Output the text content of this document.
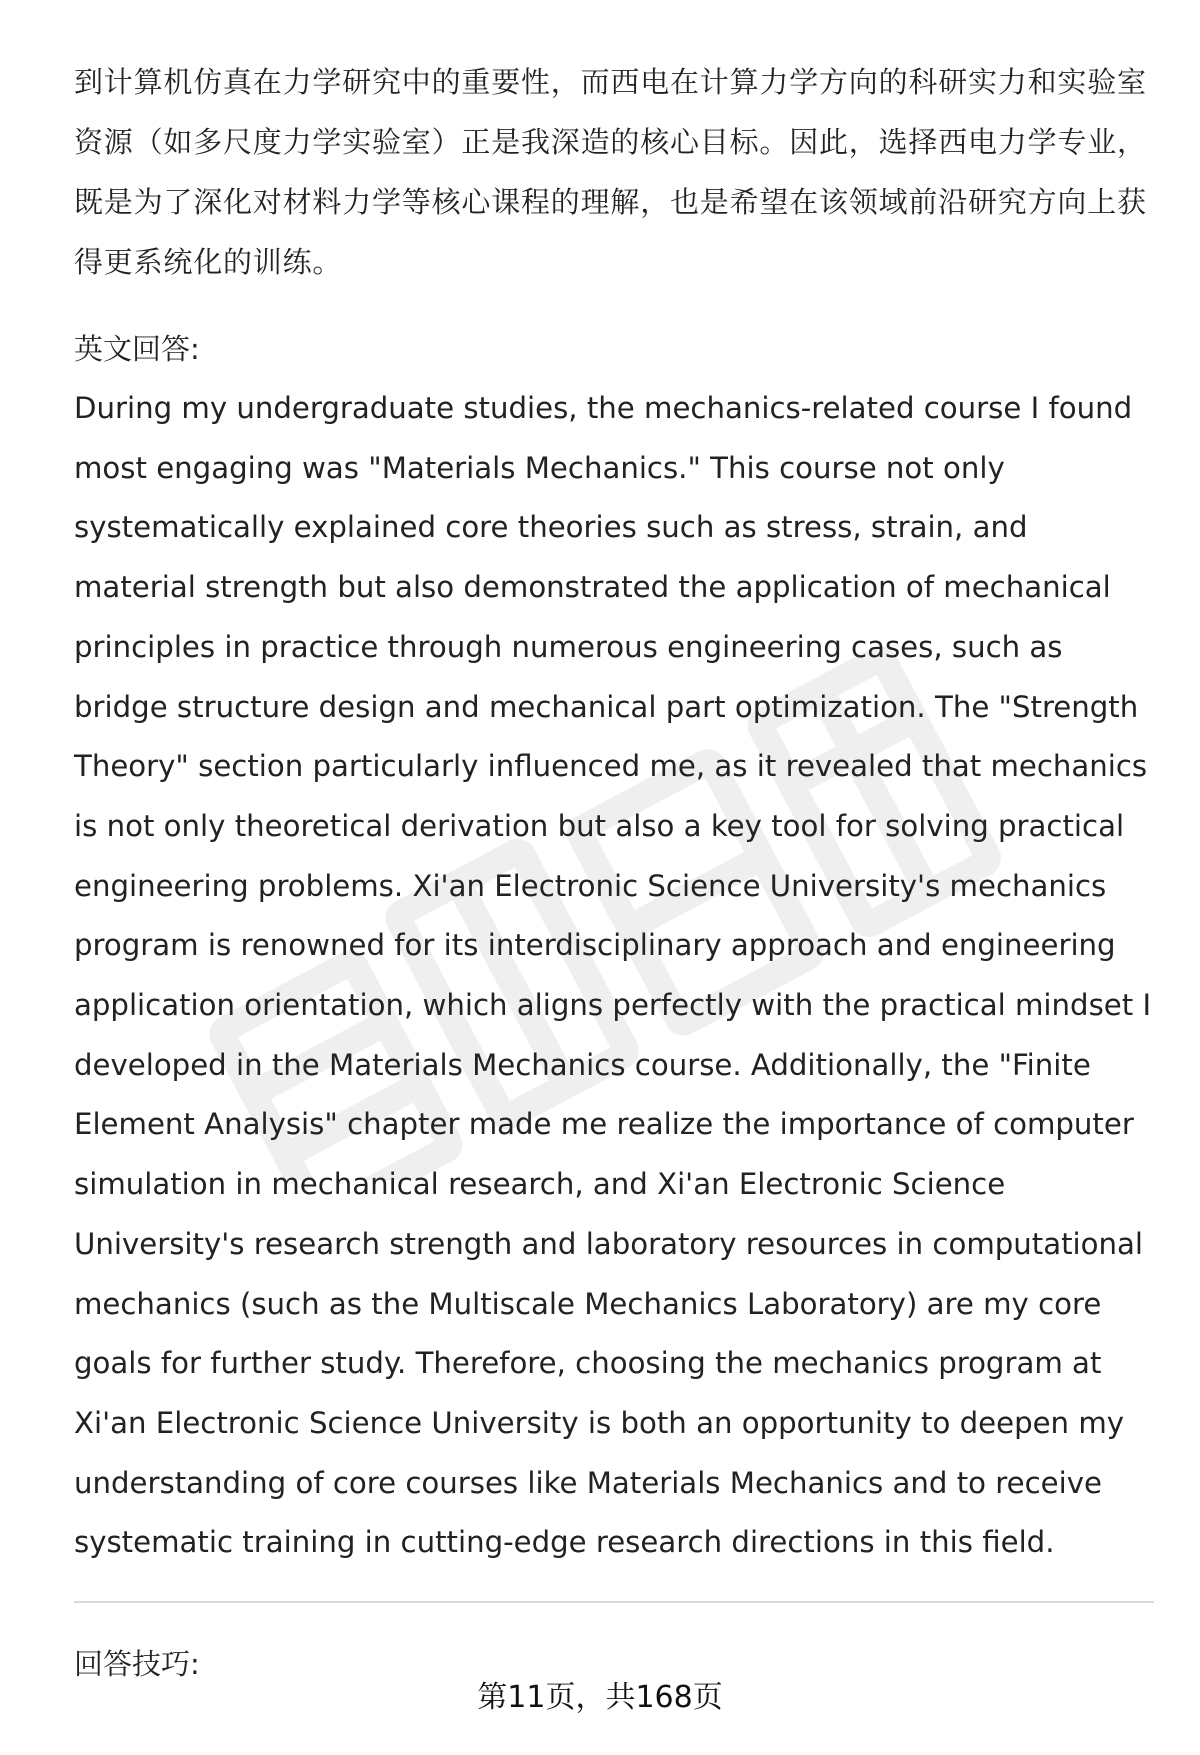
到计算机仿真在力学研究中的重要性，而西电在计算力学方向的科研实力和实验室资源（如多尺度力学实验室）正是我深造的核心目标。因此，选择西电力学专业，既是为了深化对材料力学等核心课程的理解，也是希望在该领域前沿研究方向上获得更系统化的训练。

英文回答:

During my undergraduate studies, the mechanics-related course I found most engaging was "Materials Mechanics." This course not only systematically explained core theories such as stress, strain, and material strength but also demonstrated the application of mechanical principles in practice through numerous engineering cases, such as bridge structure design and mechanical part optimization. The "Strength Theory" section particularly influenced me, as it revealed that mechanics is not only theoretical derivation but also a key tool for solving practical engineering problems. Xi'an Electronic Science University's mechanics program is renowned for its interdisciplinary approach and engineering application orientation, which aligns perfectly with the practical mindset I developed in the Materials Mechanics course. Additionally, the "Finite Element Analysis" chapter made me realize the importance of computer simulation in mechanical research, and Xi'an Electronic Science University's research strength and laboratory resources in computational mechanics (such as the Multiscale Mechanics Laboratory) are my core goals for further study. Therefore, choosing the mechanics program at Xi'an Electronic Science University is both an opportunity to deepen my understanding of core courses like Materials Mechanics and to receive systematic training in cutting-edge research directions in this field.

回答技巧:
第11页，共168页
